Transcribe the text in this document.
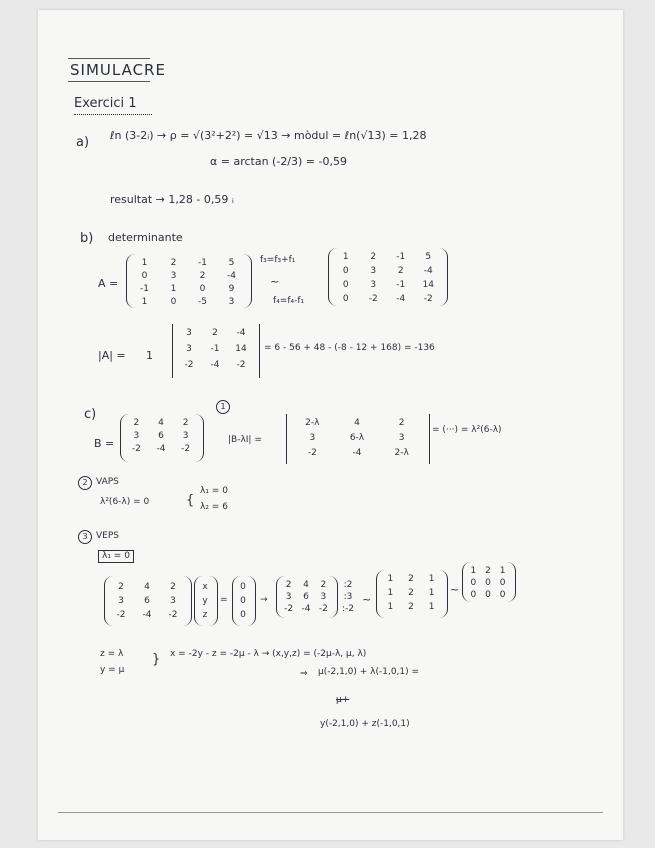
SIMULACRE
Exercici 1
a) ℓn (3-2ᵢ) → ρ = √(3²+2²) = √13 → mòdul = ℓn(√13) = 1,28
α = arctan (-2/3) = -0,59
resultat → 1,28 - 0,59 ᵢ
b) determinante
A =
1	2	-1	5
0	3	2	-4
-1	1	0	9
1	0	-5	3
f₃=f₃+f₁
~
f₄=f₄-f₁
1	2	-1	5
0	3	2	-4
0	3	-1	14
0	-2	-4	-2
|A| = 1
3	2	-4
3	-1	14
-2	-4	-2
= 6 - 56 + 48 - (-8 - 12 + 168) = -136
c)
B =
2	4	2
3	6	3
-2	-4	-2
1
|B-λI| =
2-λ	4	2
3	6-λ	3
-2	-4	2-λ
= (···) = λ²(6-λ)
2 VAPS
λ²(6-λ) = 0	{
λ₁ = 0
λ₂ = 6
3 VEPS
λ₁ = 0
2	4	2
3	6	3
-2	-4	-2
x
y
z
=
0
0
0
→
2	4	2
3	6	3
-2 -4 -2
:2
:3
:-2
~
1	2	1
1	2	1
1	2	1
~
1 2 1
0 0 0
0 0 0
z = λ
y = μ
} x = -2y - z = -2μ - λ → (x,y,z) = (-2μ-λ, μ, λ)
⇒ μ(-2,1,0) + λ(-1,0,1) =
μ+
y(-2,1,0) + z(-1,0,1)
